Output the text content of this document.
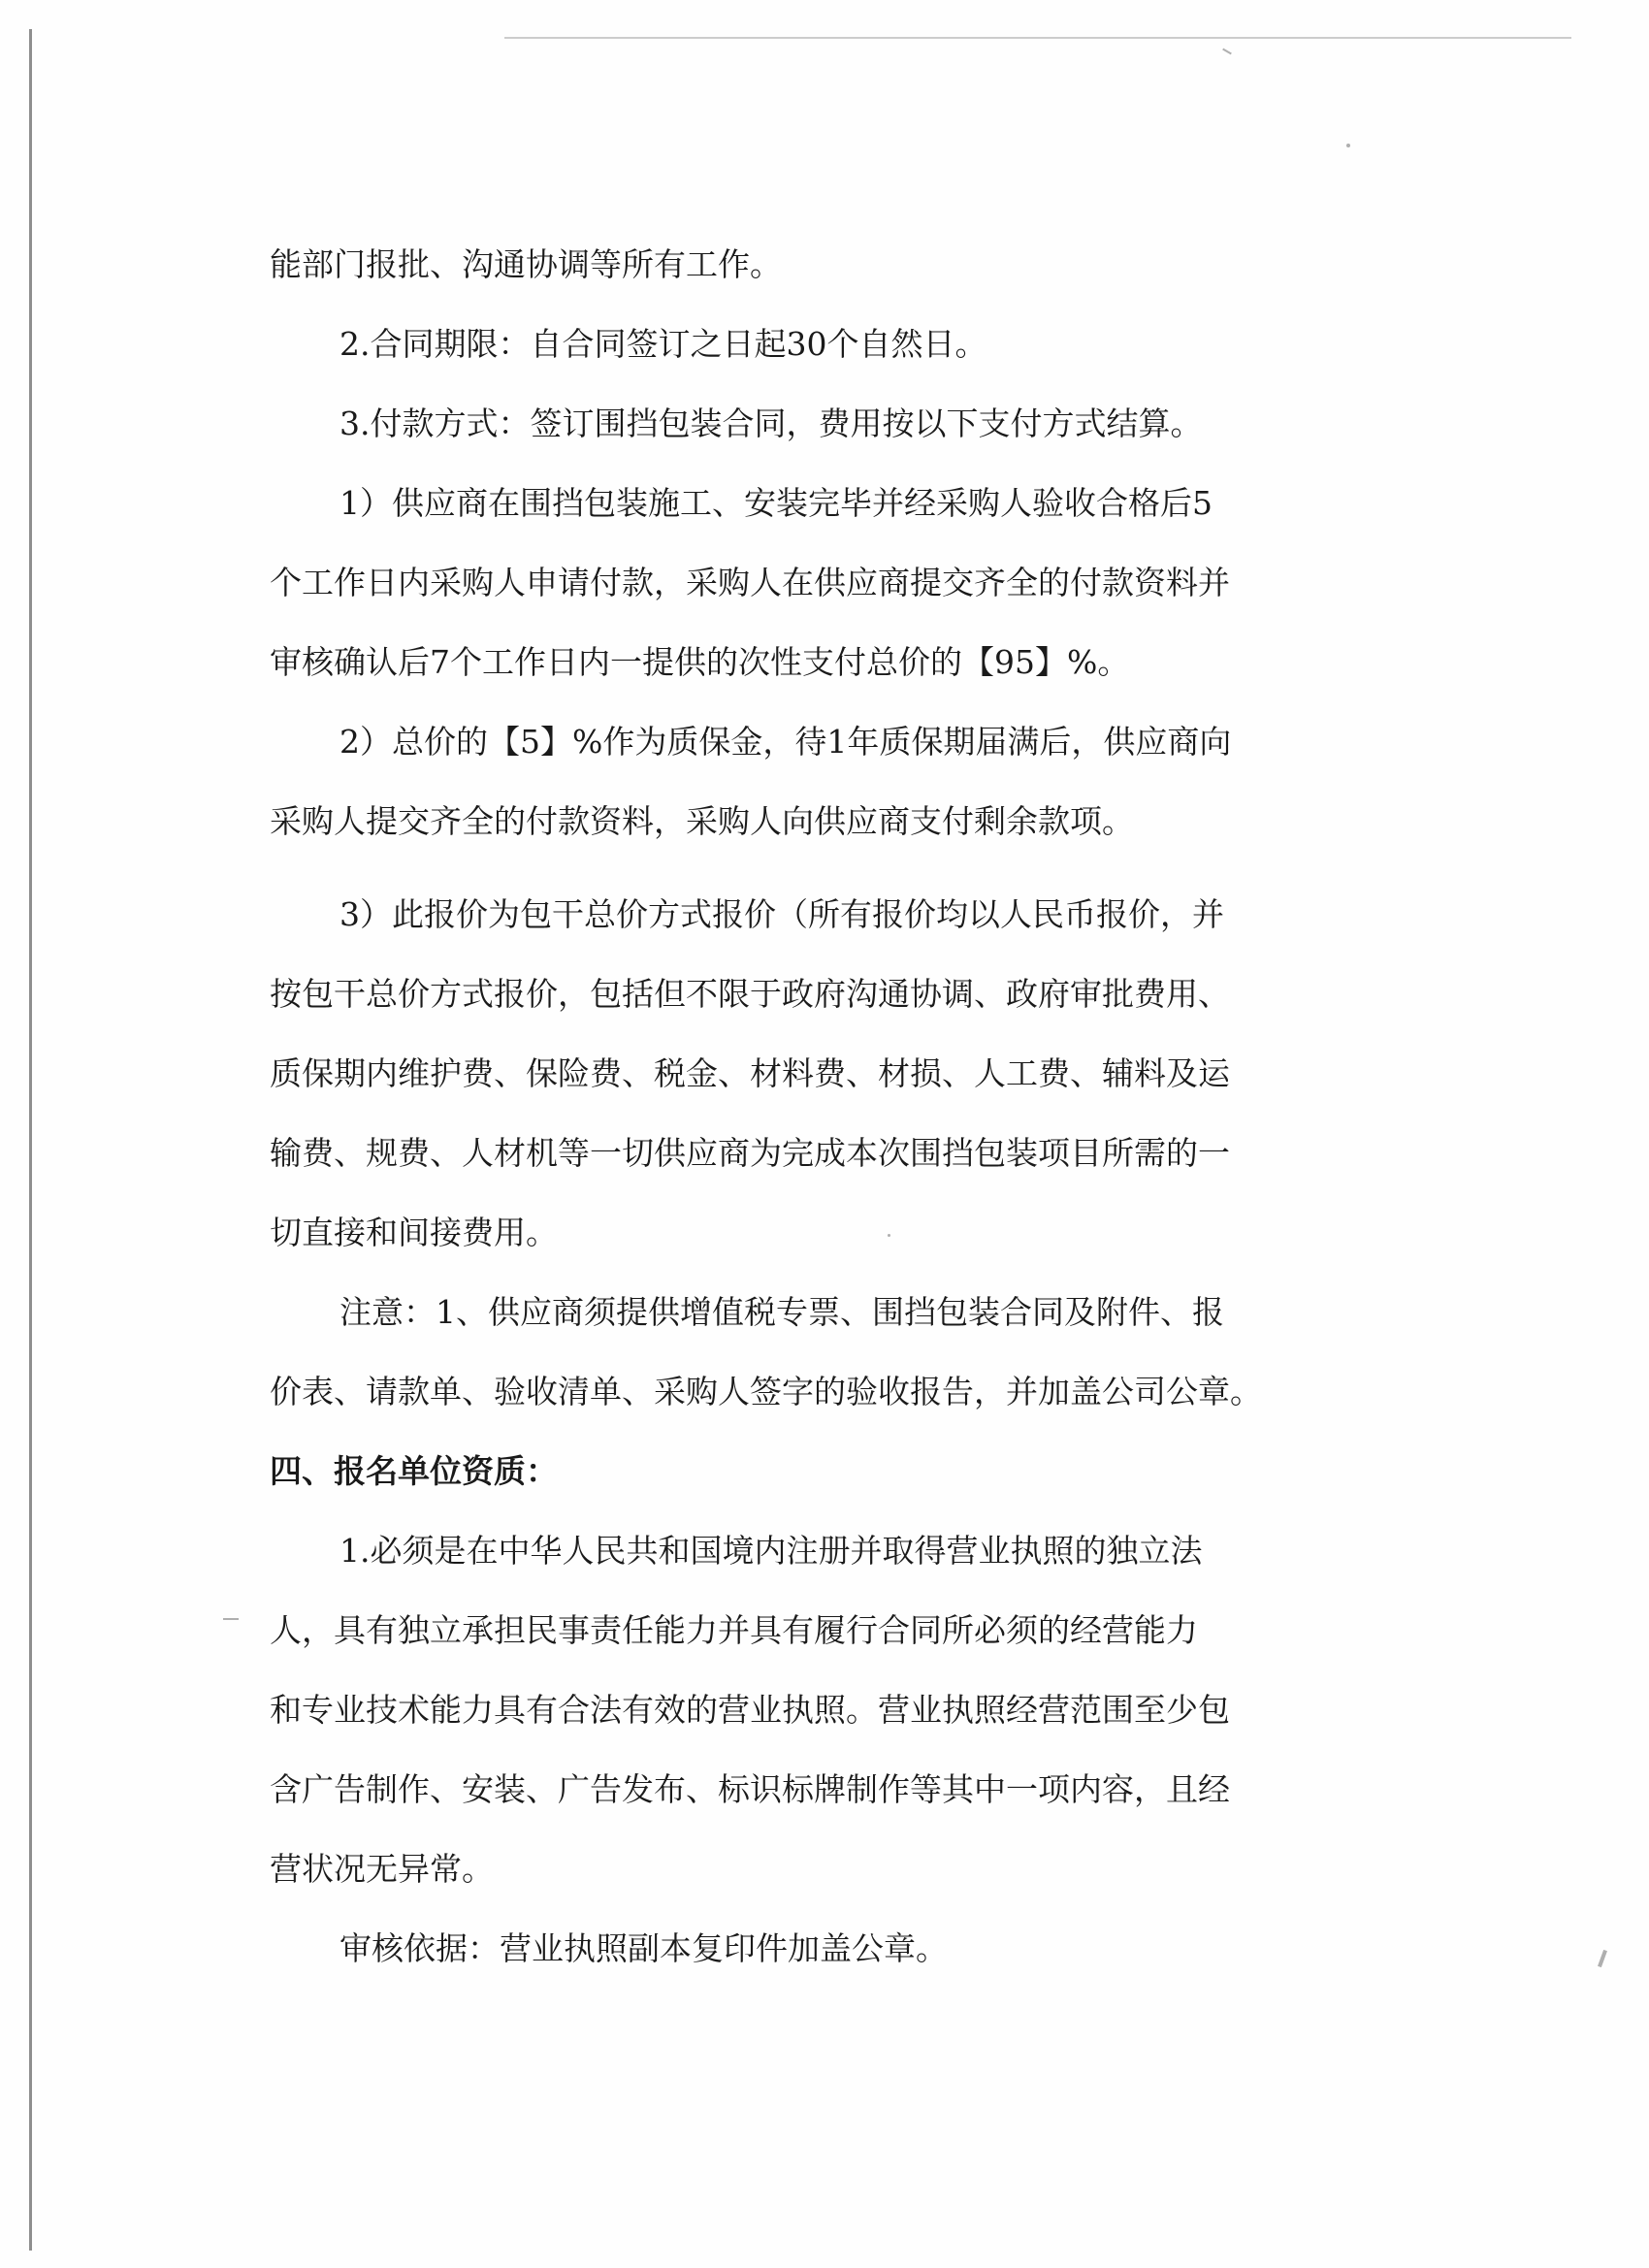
能部门报批、沟通协调等所有工作。
2.合同期限：自合同签订之日起30个自然日。
3.付款方式：签订围挡包装合同，费用按以下支付方式结算。
1）供应商在围挡包装施工、安装完毕并经采购人验收合格后5
个工作日内采购人申请付款，采购人在供应商提交齐全的付款资料并
审核确认后7个工作日内一提供的次性支付总价的【95】%。
2）总价的【5】%作为质保金，待1年质保期届满后，供应商向
采购人提交齐全的付款资料，采购人向供应商支付剩余款项。
3）此报价为包干总价方式报价（所有报价均以人民币报价，并
按包干总价方式报价，包括但不限于政府沟通协调、政府审批费用、
质保期内维护费、保险费、税金、材料费、材损、人工费、辅料及运
输费、规费、人材机等一切供应商为完成本次围挡包装项目所需的一
切直接和间接费用。
注意：1、供应商须提供增值税专票、围挡包装合同及附件、报
价表、请款单、验收清单、采购人签字的验收报告，并加盖公司公章。
四、报名单位资质：
1.必须是在中华人民共和国境内注册并取得营业执照的独立法
人，具有独立承担民事责任能力并具有履行合同所必须的经营能力
和专业技术能力具有合法有效的营业执照。营业执照经营范围至少包
含广告制作、安装、广告发布、标识标牌制作等其中一项内容，且经
营状况无异常。
审核依据：营业执照副本复印件加盖公章。
